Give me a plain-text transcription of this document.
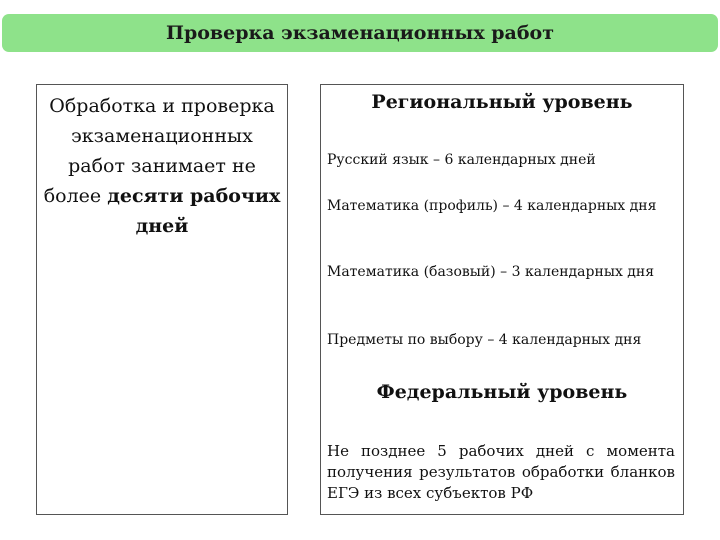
Проверка экзаменационных работ
Обработка и проверка экзаменационных работ занимает не более десяти рабочих дней
Региональный уровень
Русский язык – 6 календарных дней
Математика (профиль) – 4 календарных дня
Математика (базовый) – 3 календарных дня
Предметы по выбору – 4 календарных дня
Федеральный уровень
Не позднее 5 рабочих дней с момента получения результатов обработки бланков ЕГЭ из всех субъектов РФ
